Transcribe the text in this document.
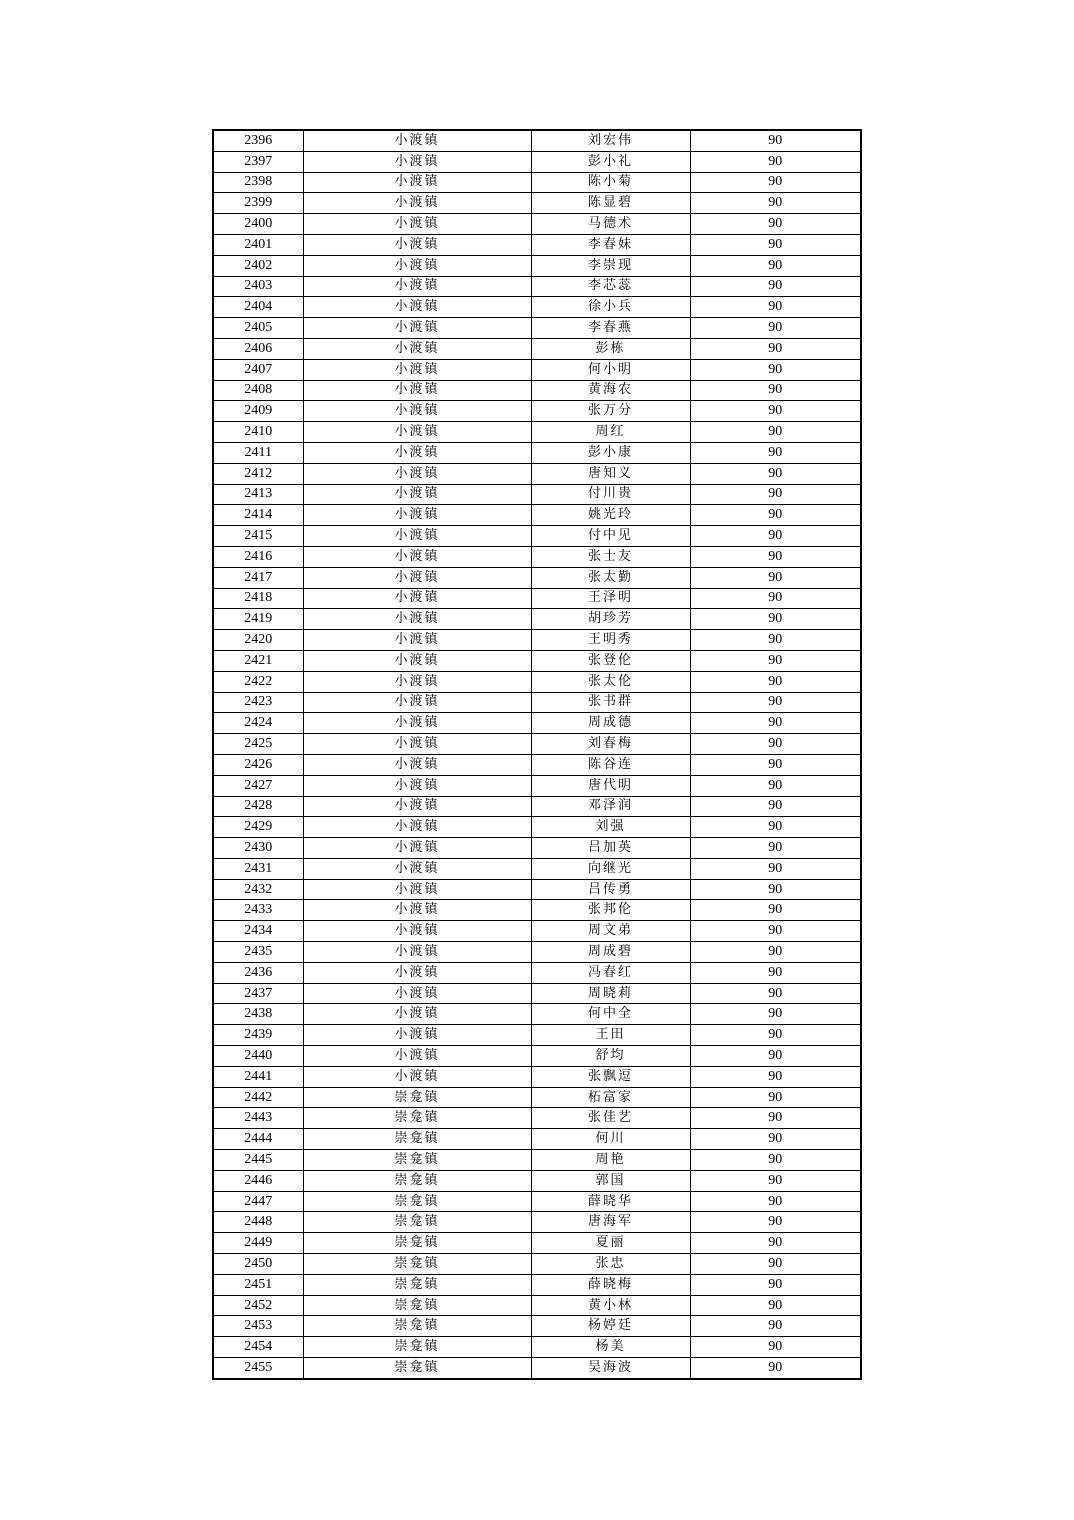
2396	小渡镇	刘宏伟	90
2397	小渡镇	彭小礼	90
2398	小渡镇	陈小菊	90
2399	小渡镇	陈显碧	90
2400	小渡镇	马德术	90
2401	小渡镇	李春妹	90
2402	小渡镇	李崇现	90
2403	小渡镇	李芯蕊	90
2404	小渡镇	徐小兵	90
2405	小渡镇	李春燕	90
2406	小渡镇	彭栋	90
2407	小渡镇	何小明	90
2408	小渡镇	黄海农	90
2409	小渡镇	张万分	90
2410	小渡镇	周红	90
2411	小渡镇	彭小康	90
2412	小渡镇	唐知义	90
2413	小渡镇	付川贵	90
2414	小渡镇	姚光玲	90
2415	小渡镇	付中见	90
2416	小渡镇	张士友	90
2417	小渡镇	张太勤	90
2418	小渡镇	王泽明	90
2419	小渡镇	胡珍芳	90
2420	小渡镇	王明秀	90
2421	小渡镇	张登伦	90
2422	小渡镇	张太伦	90
2423	小渡镇	张书群	90
2424	小渡镇	周成德	90
2425	小渡镇	刘春梅	90
2426	小渡镇	陈谷连	90
2427	小渡镇	唐代明	90
2428	小渡镇	邓泽润	90
2429	小渡镇	刘强	90
2430	小渡镇	吕加英	90
2431	小渡镇	向继光	90
2432	小渡镇	吕传勇	90
2433	小渡镇	张邦伦	90
2434	小渡镇	周文弟	90
2435	小渡镇	周成碧	90
2436	小渡镇	冯春红	90
2437	小渡镇	周晓莉	90
2438	小渡镇	何中全	90
2439	小渡镇	王田	90
2440	小渡镇	舒均	90
2441	小渡镇	张飘逗	90
2442	崇龛镇	柘富家	90
2443	崇龛镇	张佳艺	90
2444	崇龛镇	何川	90
2445	崇龛镇	周艳	90
2446	崇龛镇	郭国	90
2447	崇龛镇	薛晓华	90
2448	崇龛镇	唐海军	90
2449	崇龛镇	夏丽	90
2450	崇龛镇	张忠	90
2451	崇龛镇	薛晓梅	90
2452	崇龛镇	黄小林	90
2453	崇龛镇	杨婷廷	90
2454	崇龛镇	杨美	90
2455	崇龛镇	吴海波	90
